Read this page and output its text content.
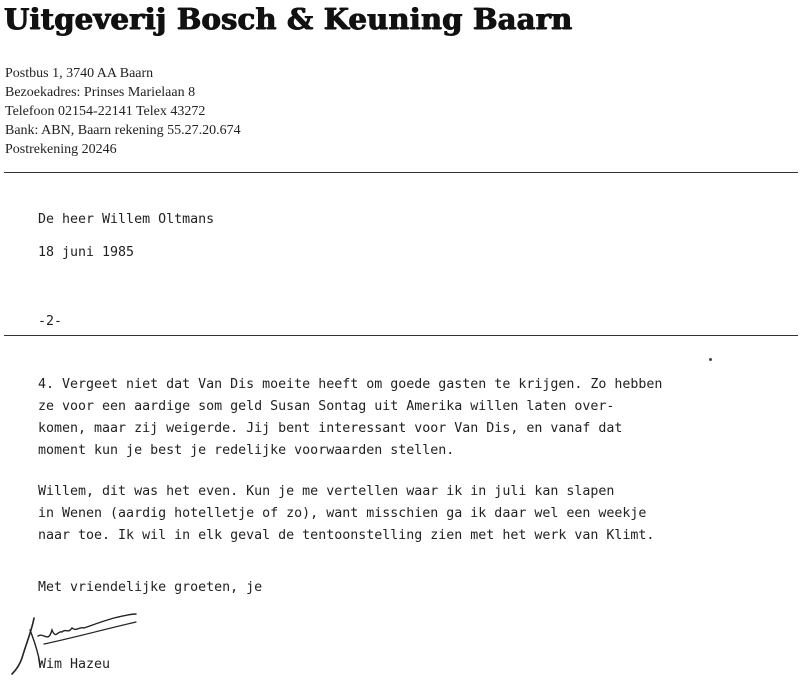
Uitgeverij Bosch & Keuning Baarn
Postbus 1, 3740 AA Baarn
Bezoekadres: Prinses Marielaan 8
Telefoon 02154-22141 Telex 43272
Bank: ABN, Baarn rekening 55.27.20.674
Postrekening 20246
De heer Willem Oltmans
18 juni 1985
-2-
4. Vergeet niet dat Van Dis moeite heeft om goede gasten te krijgen. Zo hebben
ze voor een aardige som geld Susan Sontag uit Amerika willen laten over-
komen, maar zij weigerde. Jij bent interessant voor Van Dis, en vanaf dat
moment kun je best je redelijke voorwaarden stellen.
Willem, dit was het even. Kun je me vertellen waar ik in juli kan slapen
in Wenen (aardig hotelletje of zo), want misschien ga ik daar wel een weekje
naar toe. Ik wil in elk geval de tentoonstelling zien met het werk van Klimt.
Met vriendelijke groeten, je
Wim Hazeu
